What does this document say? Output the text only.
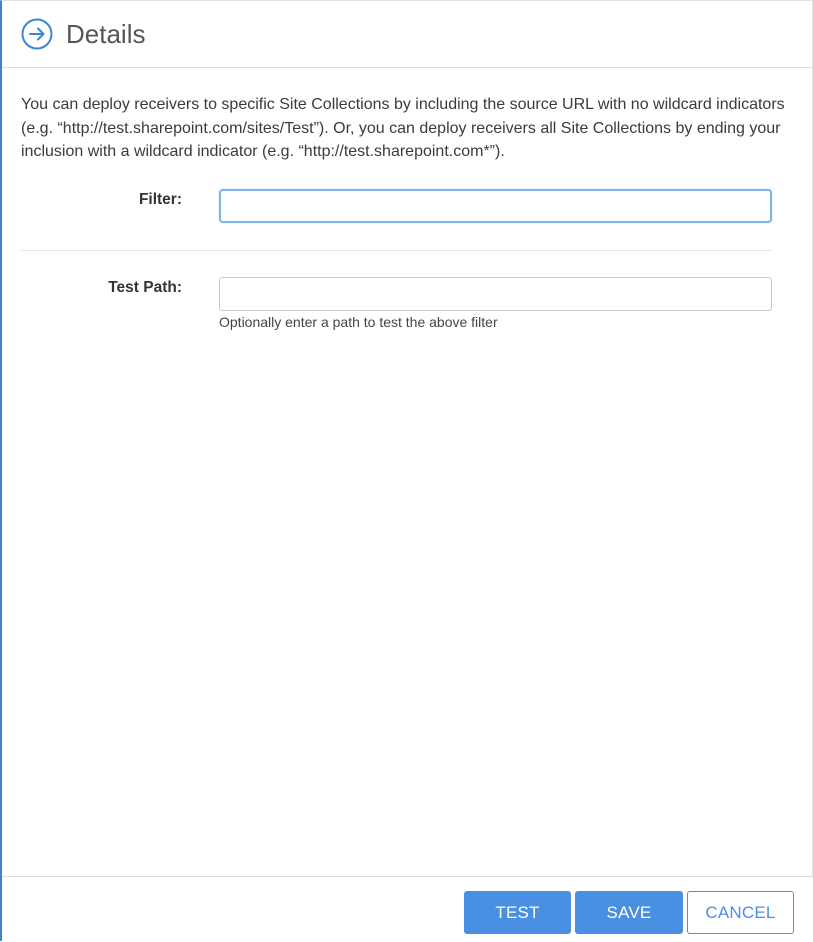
Details

You can deploy receivers to specific Site Collections by including the source URL with no wildcard indicators (e.g. “http://test.sharepoint.com/sites/Test”). Or, you can deploy receivers all Site Collections by ending your inclusion with a wildcard indicator (e.g. “http://test.sharepoint.com*”).

Filter:
Test Path:
Optionally enter a path to test the above filter
TEST	SAVE	CANCEL
